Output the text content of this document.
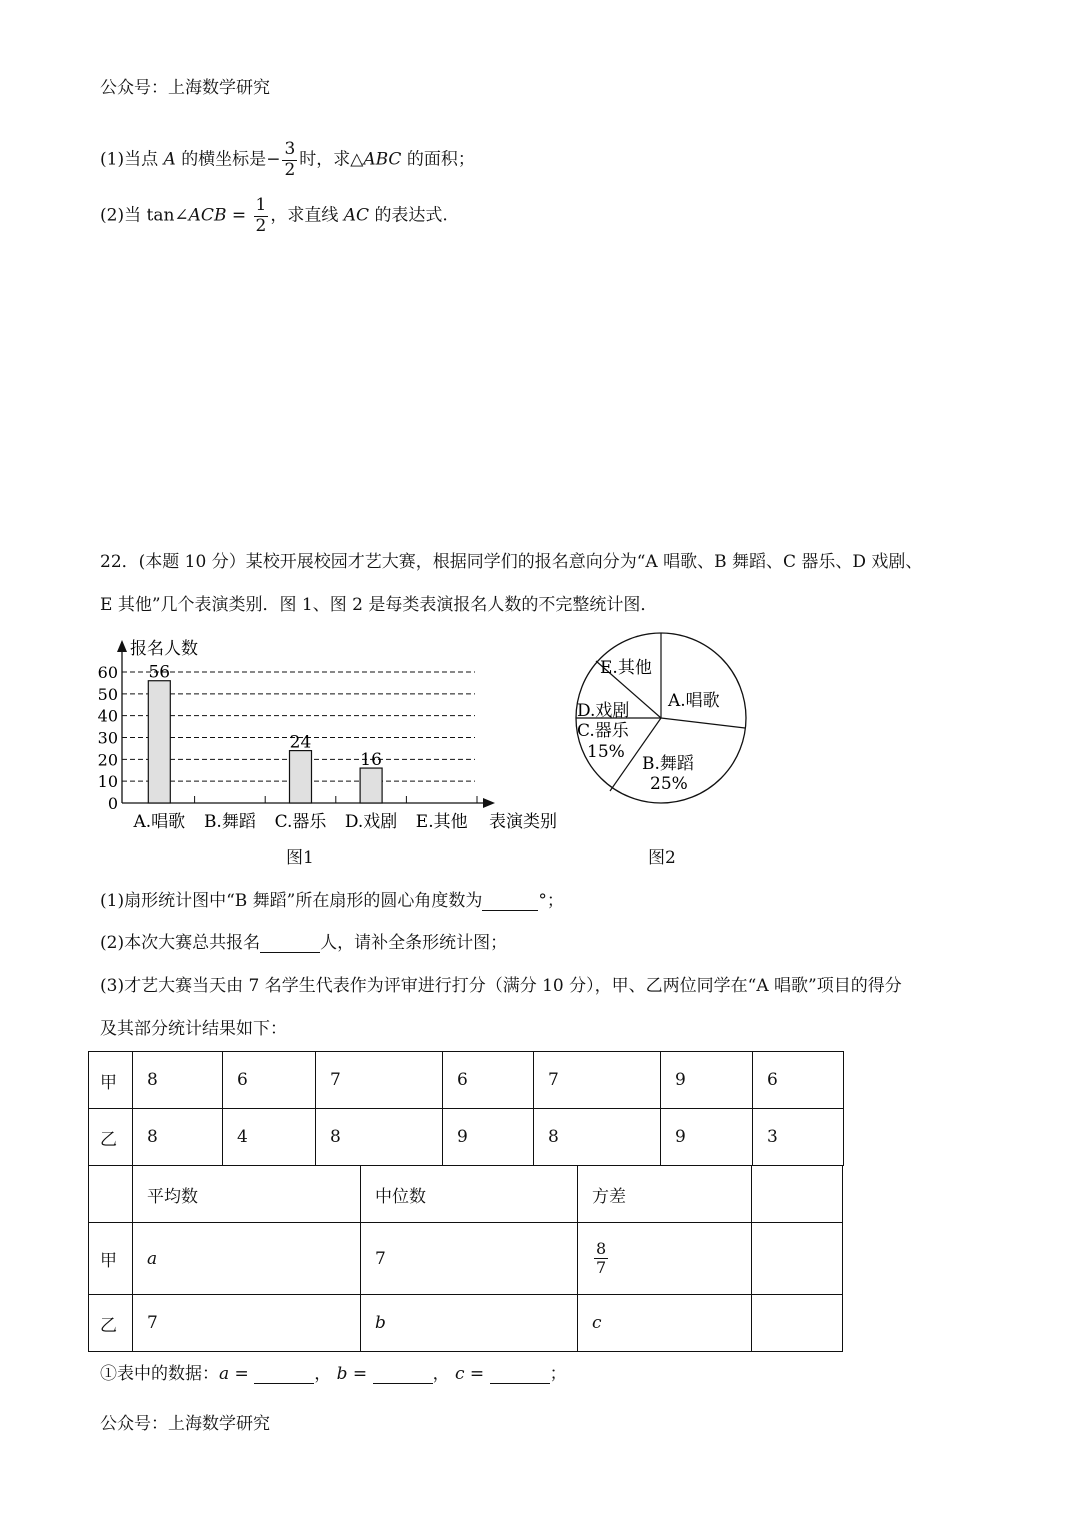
公众号：上海数学研究
(1)当点 A 的横坐标是− $\frac{3}{2}$ 时，求△ABC 的面积；
(2)当 tan∠ACB = $\frac{1}{2}$ ，求直线 AC 的表达式.
22．(本题 10 分）某校开展校园才艺大赛，根据同学们的报名意向分为“A 唱歌、B 舞蹈、C 器乐、D 戏剧、
E 其他”几个表演类别．图 1、图 2 是每类表演报名人数的不完整统计图．
报名人数
表演类别
0
10
20
30
40
50
60
A.唱歌
56
B.舞蹈 C.器乐
24
D.戏剧
16
E.其他
图1
E.其他
A.唱歌
D.戏剧
C.器乐
15%
B.舞蹈
25%
图2
(1)扇形统计图中“B 舞蹈”所在扇形的圆心角度数为	°；
(2)本次大赛总共报名	人，请补全条形统计图；
(3)才艺大赛当天由 7 名学生代表作为评审进行打分（满分 10 分），甲、乙两位同学在“A 唱歌”项目的得分
及其部分统计结果如下：
甲	8	6	7	6	7	9	6
乙	8	4	8	9	8	9	3
	平均数	中位数	方差	
甲	a	7	$\frac{8}{7}$

乙	7	b	c	
①表中的数据：a =	， b =	， c =	；
公众号：上海数学研究
